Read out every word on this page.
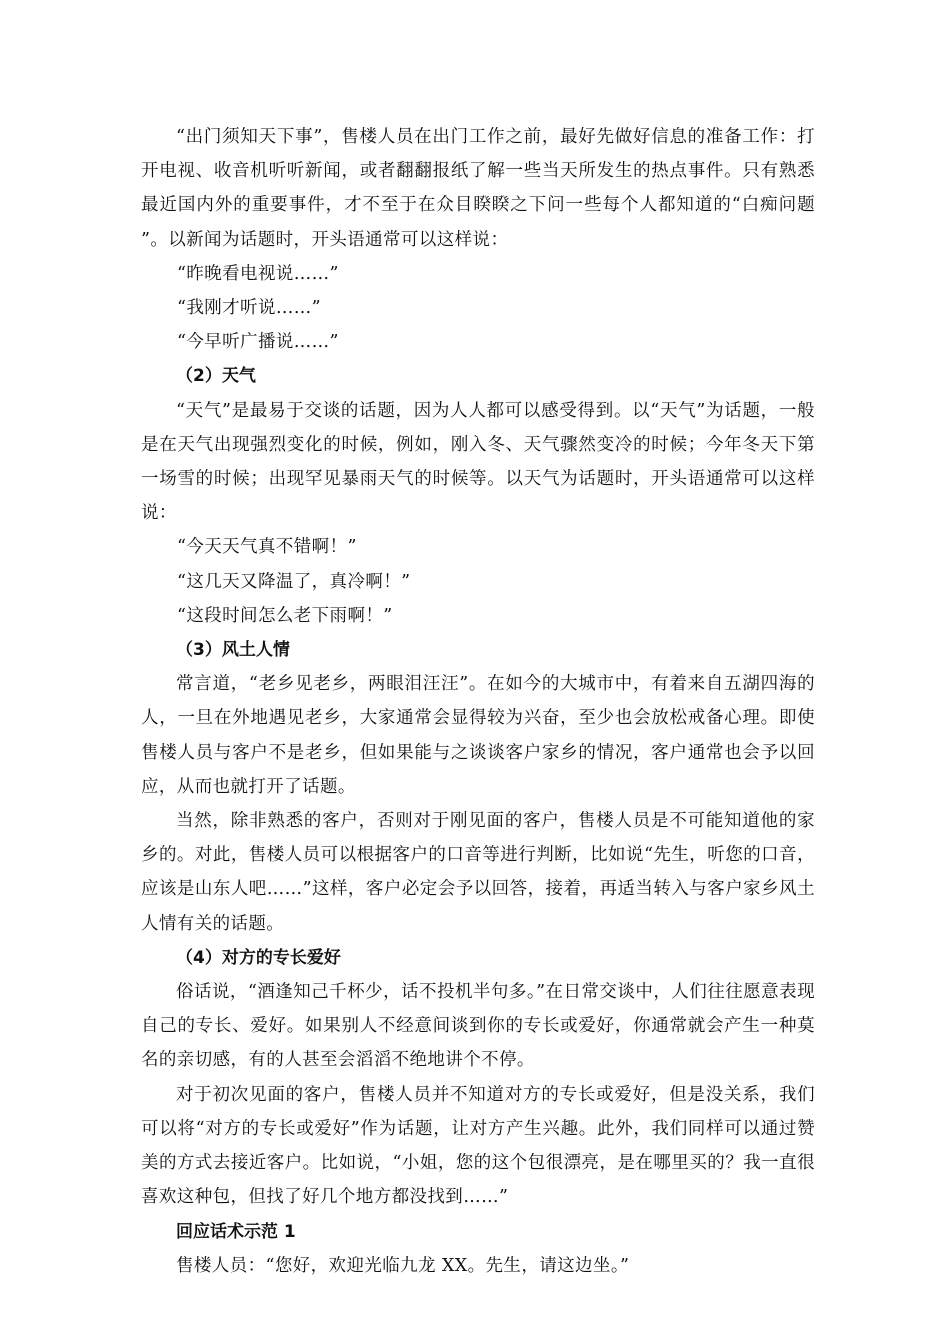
“出门须知天下事”，售楼人员在出门工作之前，最好先做好信息的准备工作：打开电视、收音机听听新闻，或者翻翻报纸了解一些当天所发生的热点事件。只有熟悉最近国内外的重要事件，才不至于在众目睽睽之下问一些每个人都知道的“白痴问题 ”。以新闻为话题时，开头语通常可以这样说：

“昨晚看电视说……”

“我刚才听说……”

“今早听广播说……”

（2）天气

“天气”是最易于交谈的话题，因为人人都可以感受得到。以“天气”为话题，一般是在天气出现强烈变化的时候，例如，刚入冬、天气骤然变冷的时候；今年冬天下第一场雪的时候；出现罕见暴雨天气的时候等。以天气为话题时，开头语通常可以这样说：

“今天天气真不错啊！”

“这几天又降温了，真冷啊！”

“这段时间怎么老下雨啊！”

（3）风土人情

常言道，“老乡见老乡，两眼泪汪汪”。在如今的大城市中，有着来自五湖四海的人，一旦在外地遇见老乡，大家通常会显得较为兴奋，至少也会放松戒备心理。即使售楼人员与客户不是老乡，但如果能与之谈谈客户家乡的情况，客户通常也会予以回应，从而也就打开了话题。

当然，除非熟悉的客户，否则对于刚见面的客户，售楼人员是不可能知道他的家乡的。对此，售楼人员可以根据客户的口音等进行判断，比如说“先生，听您的口音，应该是山东人吧……”这样，客户必定会予以回答，接着，再适当转入与客户家乡风土人情有关的话题。

（4）对方的专长爱好

俗话说，“酒逢知己千杯少，话不投机半句多。”在日常交谈中，人们往往愿意表现自己的专长、爱好。如果别人不经意间谈到你的专长或爱好，你通常就会产生一种莫名的亲切感，有的人甚至会滔滔不绝地讲个不停。

对于初次见面的客户，售楼人员并不知道对方的专长或爱好，但是没关系，我们可以将“对方的专长或爱好”作为话题，让对方产生兴趣。此外，我们同样可以通过赞美的方式去接近客户。比如说，“小姐，您的这个包很漂亮，是在哪里买的？我一直很喜欢这种包，但找了好几个地方都没找到……”

回应话术示范 1

售楼人员：“您好，欢迎光临九龙 XX。先生，请这边坐。”
